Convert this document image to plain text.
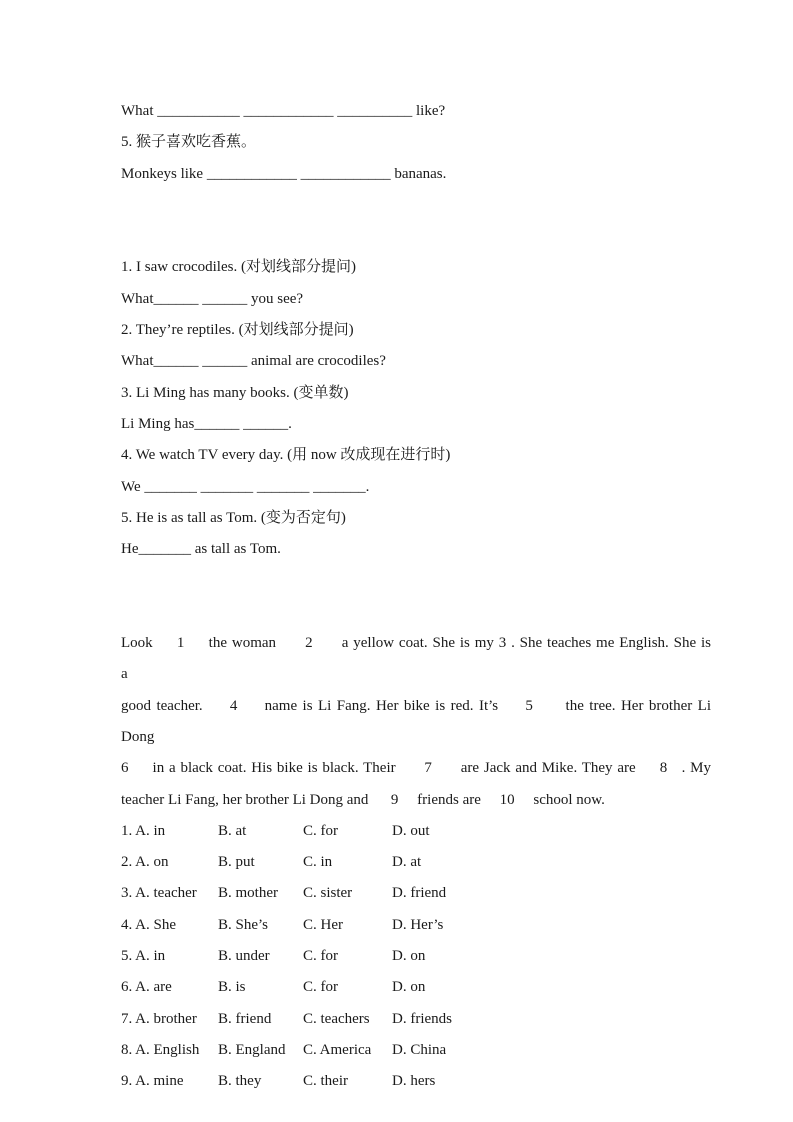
What ___________ ____________ __________ like?
5. 猴子喜欢吃香蕉。
Monkeys like ____________ ____________ bananas.
1. I saw crocodiles. (对划线部分提问)
What______ ______ you see?
2. They’re reptiles. (对划线部分提问)
What______ ______ animal are crocodiles?
3. Li Ming has many books. (变单数)
Li Ming has______ ______.
4. We watch TV every day. (用 now 改成现在进行时)
We _______ _______ _______ _______.
5. He is as tall as Tom. (变为否定句)
He_______ as tall as Tom.
Look     1     the woman      2      a yellow coat. She is my 3 . She teaches me English. She is a
good teacher.     4     name is Li Fang. Her bike is red. It’s     5      the tree. Her brother Li Dong
6     in a black coat. His bike is black. Their      7      are Jack and Mike. They are     8   . My
teacher Li Fang, her brother Li Dong and      9     friends are     10     school now.
1. A. in	B. at	C. for	D. out
2. A. on	B. put	C. in	D. at
3. A. teacher	B. mother	C. sister	D. friend
4. A. She	B. She’s	C. Her	D. Her’s
5. A. in	B. under	C. for	D. on
6. A. are	B. is	C. for	D. on
7. A. brother	B. friend	C. teachers	D. friends
8. A. English	B. England	C. America	D. China
9. A. mine	B. they	C. their	D. hers
